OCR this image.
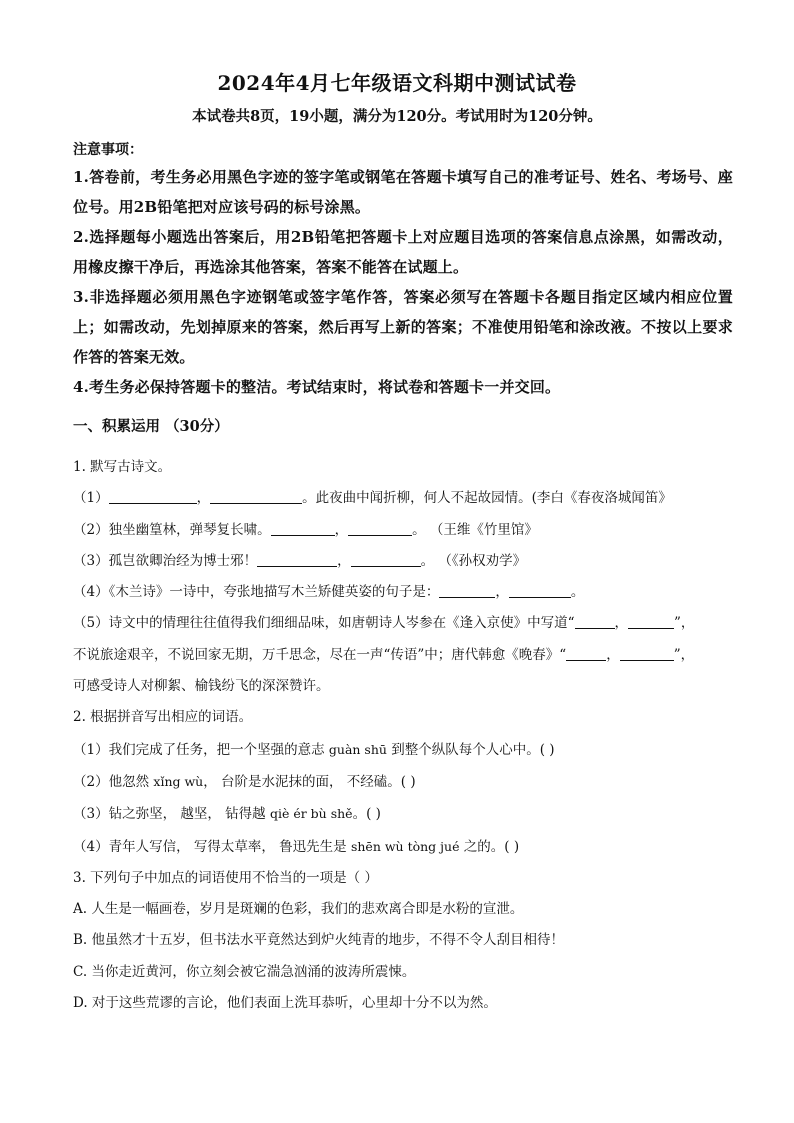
2024年4月七年级语文科期中测试试卷
本试卷共8页，19小题，满分为120分。考试用时为120分钟。
注意事项：
1.答卷前，考生务必用黑色字迹的签字笔或钢笔在答题卡填写自己的准考证号、姓名、考场号、座位号。用2B铅笔把对应该号码的标号涂黑。
2.选择题每小题选出答案后，用2B铅笔把答题卡上对应题目选项的答案信息点涂黑，如需改动，用橡皮擦干净后，再选涂其他答案，答案不能答在试题上。
3.非选择题必须用黑色字迹钢笔或签字笔作答，答案必须写在答题卡各题目指定区域内相应位置上；如需改动，先划掉原来的答案，然后再写上新的答案；不准使用铅笔和涂改液。不按以上要求作答的答案无效。
4.考生务必保持答题卡的整洁。考试结束时，将试卷和答题卡一并交回。
一、积累运用 （30分）
1. 默写古诗文。
（1）	，	。此夜曲中闻折柳，何人不起故园情。(李白《春夜洛城闻笛》
（2）独坐幽篁林，弹琴复长啸。	，	。 （王维《竹里馆》
（3）孤岂欲卿治经为博士邪！	，	。 （《孙权劝学》
（4）《木兰诗》一诗中，夸张地描写木兰矫健英姿的句子是：	，	。
（5）诗文中的情理往往值得我们细细品味，如唐朝诗人岑参在《逢入京使》中写道“	，	”，
不说旅途艰辛，不说回家无期，万千思念，尽在一声“传语”中；唐代韩愈《晚春》“	，	”，
可感受诗人对柳絮、榆钱纷飞的深深赞许。
2. 根据拼音写出相应的词语。
（1）我们完成了任务，把一个坚强的意志 guàn shū 到整个纵队每个人心中。( )
（2）他忽然 xǐng wù， 台阶是水泥抹的面， 不经磕。( )
（3）钻之弥坚， 越坚， 钻得越 qiè ér bù shě。( )
（4）青年人写信， 写得太草率， 鲁迅先生是 shēn wù tòng jué 之的。( )
3. 下列句子中加点的词语使用不恰当的一项是（ ）
A. 人生是一幅画卷，岁月是斑斓的色彩，我们的悲欢离合即是水粉的宣泄。
B. 他虽然才十五岁，但书法水平竟然达到炉火纯青的地步，不得不令人刮目相待！
C. 当你走近黄河，你立刻会被它湍急汹涌的波涛所震悚。
D. 对于这些荒谬的言论，他们表面上洗耳恭听，心里却十分不以为然。
